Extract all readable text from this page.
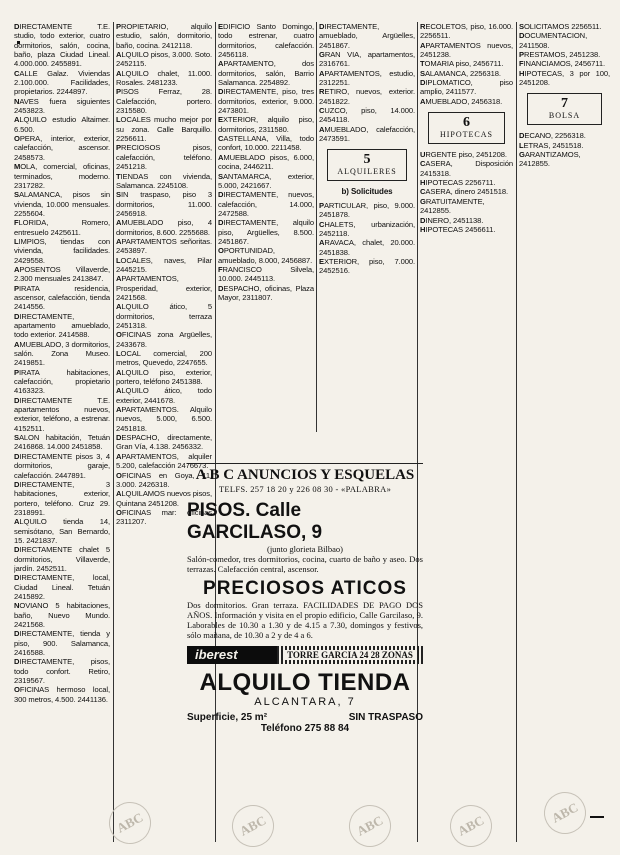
DIRECTAMENTE T.E. studio, todo exterior, cuatro dormitorios, salón, cocina, baño, plaza Ciudad Lineal. 4.000.000. 2455891.

CALLE Galaz. Viviendas 2.100.000. Facilidades, propietarios. 2244897.

NAVES fuera siguientes 2453823.

ALQUILO estudio Altaimer. 6.500.

OPERA, interior, exterior, calefacción, ascensor. 2458573.

MOLA, comercial, oficinas, terminados, moderno. 2317282.

SALAMANCA, pisos sin vivienda, 10.000 mensuales. 2255604.

FLORIDA, Romero, entresuelo 2425611.

LIMPIOS, tiendas con vivienda, facilidades. 2429558.

APOSENTOS Villaverde, 2.300 mensuales 2413847.

PIRATA residencia, ascensor, calefacción, tienda 2414556.

DIRECTAMENTE, apartamento amueblado, todo exterior. 2414588.

AMUEBLADO, 3 dormitorios, salón. Zona Museo. 2419851.

PIRATA habitaciones, calefacción, propietario 4163323.

DIRECTAMENTE T.E. apartamentos nuevos, exterior, teléfono, a estrenar. 4152511.

SALON habitación, Tetuán 2416868. 14.000 2451858.

DIRECTAMENTE pisos 3, 4 dormitorios, garaje, calefacción. 2447891.

DIRECTAMENTE, 3 habitaciones, exterior, portero, teléfono. Cruz 29. 2318991.

ALQUILO tienda 14, semisótano, San Bernardo, 15. 2421837.

DIRECTAMENTE chalet 5 dormitorios, Villaverde, jardín. 2452511.

DIRECTAMENTE, local, Ciudad Lineal. Tetuán 2415892.

NOVIANO 5 habitaciones, baño, Nuevo Mundo. 2421568.

DIRECTAMENTE, tienda y piso, 900. Salamanca, 2416588.

DIRECTAMENTE, pisos, todo confort. Retiro, 2319567.

OFICINAS hermoso local, 300 metros, 4.500. 2441136.

PROPIETARIO, alquilo estudio, salón, dormitorio, baño, cocina. 2412118.

ALQUILO pisos, 3.000. Soto. 2452115.

ALQUILO chalet, 11.000. Rosales. 2481233.

PISOS Ferraz, 28. Calefacción, portero. 2315580.

LOCALES mucho mejor por su zona. Calle Barquillo. 2256611.

PRECIOSOS pisos, calefacción, teléfono. 2451218.

TIENDAS con vivienda, Salamanca. 2245108.

SIN traspaso, piso 3 dormitorios, 11.000. 2456918.

AMUEBLADO piso, 4 dormitorios, 8.600. 2255688.

APARTAMENTOS señoritas. 2453897.

LOCALES, naves, Pilar 2445215.

APARTAMENTOS, Prosperidad, exterior, 2421568.

ALQUILO ático, 5 dormitorios, terraza 2451318.

OFICINAS zona Argüelles, 2433678.

LOCAL comercial, 200 metros, Quevedo, 2247655.

ALQUILO piso, exterior, portero, teléfono 2451388.

ALQUILO ático, todo exterior, 2441678.

APARTAMENTOS. Alquilo nuevos, 5.000, 6.500. 2451818.

DESPACHO, directamente, Gran Vía, 4.138. 2456332.

APARTAMENTOS, alquiler 5.200, calefacción 2476673.

OFICINAS en Goya, 11, 3.000. 2426318.

ALQUILAMOS nuevos pisos, Quintana 2451208.

OFICINAS mar: oficinas 2311207.

EDIFICIO Santo Domingo, todo estrenar, cuatro dormitorios, calefacción. 2456118.

APARTAMENTO, dos dormitorios, salón, Barrio Salamanca. 2254892.

DIRECTAMENTE, piso, tres dormitorios, exterior, 9.000. 2473801.

EXTERIOR, alquilo piso, dormitorios, 2311580.

CASTELLANA, Villa, todo confort, 10.000. 2211458.

AMUEBLADO pisos, 6.000, cocina, 2446211.

SANTAMARCA, exterior, 5.000, 2421667.

DIRECTAMENTE, nuevos, calefacción, 14.000, 2472588.

DIRECTAMENTE, alquilo piso, Argüelles, 8.500. 2451867.

OPORTUNIDAD, amueblado, 8.000, 2456887.

FRANCISCO Silvela, 10.000. 2445113.

DESPACHO, oficinas, Plaza Mayor, 2311807.

DIRECTAMENTE, amueblado, Argüelles, 2451867.

GRAN VIA, apartamentos, 2316761.

APARTAMENTOS, estudio, 2312251.

RETIRO, nuevos, exterior. 2451822.

CUZCO, piso, 14.000. 2454118.

AMUEBLADO, calefacción, 2473591.

5
ALQUILERES
b) Solicitudes

PARTICULAR, piso, 9.000. 2451878.

CHALETS, urbanización, 2452118.

ARAVACA, chalet, 20.000. 2451838.

EXTERIOR, piso, 7.000. 2452516.

RECOLETOS, piso, 16.000. 2256511.

APARTAMENTOS nuevos, 2451238.

TOMARIA piso, 2456711.

SALAMANCA, 2256318.

DIPLOMATICO, piso amplio, 2411577.

AMUEBLADO, 2456318.

6
HIPOTECAS

URGENTE piso, 2451208.

CASERA, Disposición 2415318.

HIPOTECAS 2256711.

CASERA, dinero 2451518.

GRATUITAMENTE, 2412855.

DINERO, 2451138.

HIPOTECAS 2456611.

SOLICITAMOS 2256511.

DOCUMENTACION, 2411508.

PRESTAMOS, 2451238.

FINANCIAMOS, 2456711.

HIPOTECAS, 3 por 100, 2451208.

7
BOLSA

DECANO, 2256318.

LETRAS, 2451518.

GARANTIZAMOS, 2412855.

A B C ANUNCIOS Y ESQUELAS
TELFS. 257 18 20 y 226 08 30 - «PALABRA»
PISOS. Calle GARCILASO, 9
(junto glorieta Bilbao)
Salón-comedor, tres dormitorios, cocina, cuarto de baño y aseo. Dos terrazas. Calefacción central, ascensor.
PRECIOSOS ATICOS
Dos dormitorios. Gran terraza. FACILIDADES DE PAGO DOS AÑOS. Información y visita en el propio edificio, Calle Garcilaso, 9. Laborables de 10.30 a 1.30 y de 4.15 a 7.30, domingos y festivos, sólo mañana, de 10.30 a 2 y de 4 a 6.
iberest	TORRE GARCIA 24 28 ZONAS
ALQUILO TIENDA
ALCANTARA, 7
Superficie, 25 m²	SIN TRASPASO
Teléfono 275 88 84
ABC	ABC	ABC	ABC	ABC
